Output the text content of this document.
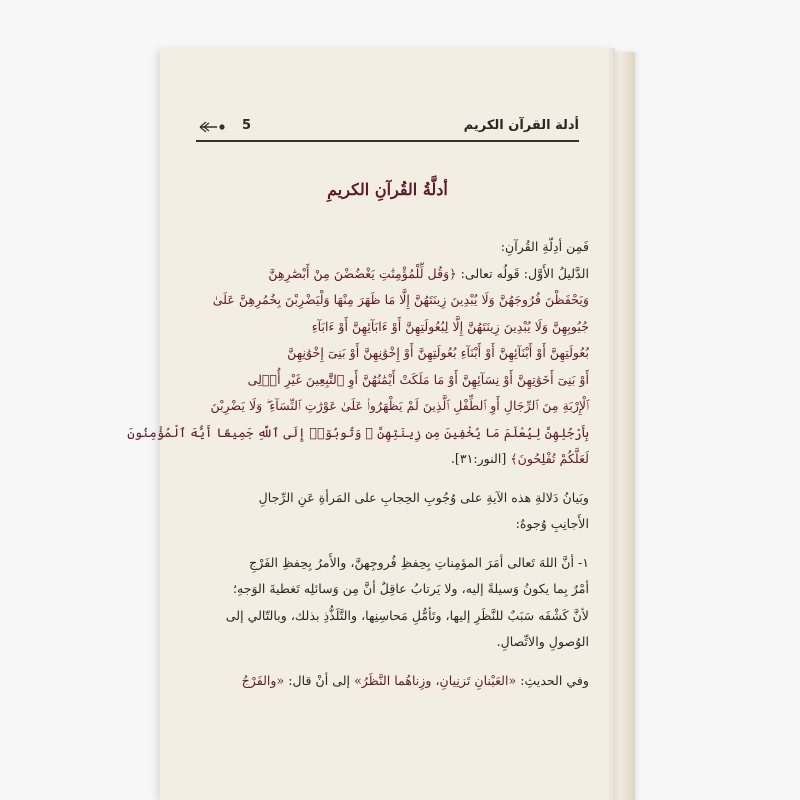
أدلة القرآن الكريم
5
أدلَّةُ القُرآنِ الكريمِ
فَمِن أدِلّةِ القُرآنِ:
الدَّليلُ الأَوَّل: قَولُه تعالى: ﴿وَقُل لِّلْمُؤْمِنَٰتِ يَغْضُضْنَ مِنْ أَبْصَٰرِهِنَّ
وَيَحْفَظْنَ فُرُوجَهُنَّ وَلَا يُبْدِينَ زِينَتَهُنَّ إِلَّا مَا ظَهَرَ مِنْهَا وَلْيَضْرِبْنَ بِخُمُرِهِنَّ عَلَىٰ
جُيُوبِهِنَّ وَلَا يُبْدِينَ زِينَتَهُنَّ إِلَّا لِبُعُولَتِهِنَّ أَوْ ءَابَآئِهِنَّ أَوْ ءَابَآءِ
بُعُولَتِهِنَّ أَوْ أَبْنَآئِهِنَّ أَوْ أَبْنَآءِ بُعُولَتِهِنَّ أَوْ إِخْوَٰنِهِنَّ أَوْ بَنِىٓ إِخْوَٰنِهِنَّ
أَوْ بَنِىٓ أَخَوَٰتِهِنَّ أَوْ نِسَآئِهِنَّ أَوْ مَا مَلَكَتْ أَيْمَٰنُهُنَّ أَوِ ٱلتَّٰبِعِينَ غَيْرِ أُو۟لِى
ٱلْإِرْبَةِ مِنَ ٱلرِّجَالِ أَوِ ٱلطِّفْلِ ٱلَّذِينَ لَمْ يَظْهَرُوا۟ عَلَىٰ عَوْرَٰتِ ٱلنِّسَآءِ ۖ وَلَا يَضْرِبْنَ
بِأَرْجُلِهِنَّ لِيُعْلَمَ مَا يُخْفِينَ مِن زِينَتِهِنَّ ۚ وَتُوبُوٓا۟ إِلَى ٱللَّهِ جَمِيعًا أَيُّهَ ٱلْمُؤْمِنُونَ
لَعَلَّكُمْ تُفْلِحُونَ﴾ [النور:٣١].
وبَيانُ دَلالةِ هذه الآيةِ على وُجُوبِ الحِجابِ على المَرأةِ عَنِ الرِّجالِ
الأَجانِبِ وُجوهٌ:
١- أنَّ اللهَ تَعالى أمَرَ المؤمِناتِ بِحِفظِ فُروجِهنَّ، والأَمرُ بِحِفظِ الفَرْجِ
أمْرٌ بِما يكونُ وَسيلةً إليه، ولا يَرتابُ عاقِلٌ أنَّ مِن وَسائلِه تَغطيةَ الوَجهِ؛
لأنَّ كَشْفَه سَبَبٌ للنَّظَرِ إليها، وتَأمُّلِ مَحاسِنِها، والتَّلَذُّذِ بذلك، وبالتّالي إلى
الوُصولِ والاتِّصالِ.
وفي الحديثِ: «العَيْنانِ تَزنِيانِ، وزِناهُما النَّظَرُ» إلى أنْ قال: «والفَرْجُ
